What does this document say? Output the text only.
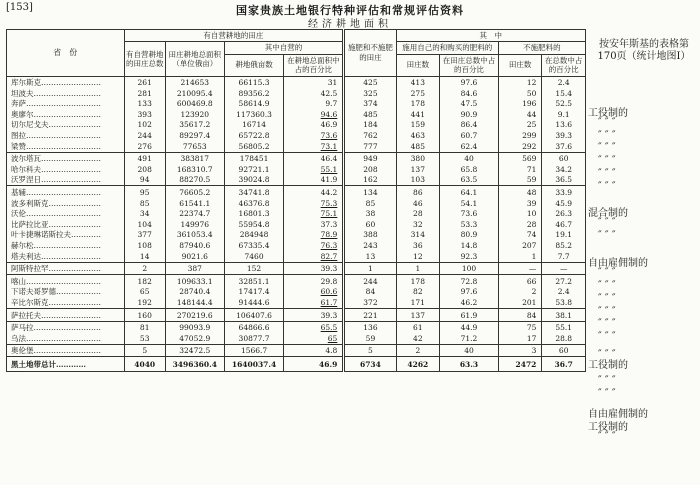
[153]	国家贵族土地银行特种评估和常规评估资料
经济耕地面积
省　份	有自营耕地的田庄				施肥和不施肥的田庄	其　中			
	有自营耕地的田庄总数	田庄耕地总面积（单位俄亩）	其中自营的			施用自己的和购买的肥料的		不施肥料的	
			耕地俄亩数	在耕地总面积中占的百分比		田庄数	在田庄总数中占的百分比	田庄数	在总数中占的百分比
库尔斯克……………………	261	214653	66115.3	31	425	413	97.6	12	2.4
坦波夫………………………	281	210095.4	89356.2	42.5	325	275	84.6	50	15.4
奔萨…………………………	133	600469.8	58614.9	9.7	374	178	47.5	196	52.5
奥廖尔………………………	393	123920	117360.3	94.6	485	441	90.9	44	9.1
切尔尼戈夫…………………	102	35617.2	16714	46.9	184	159	86.4	25	13.6
图拉…………………………	244	89297.4	65722.8	73.6	762	463	60.7	299	39.3
梁赞…………………………	276	77653	56805.2	73.1	777	485	62.4	292	37.6
波尔塔瓦……………………	491	383817	178451	46.4	949	380	40	569	60
哈尔科夫……………………	208	168310.7	92721.1	55.1	208	137	65.8	71	34.2
沃罗涅日……………………	94	88270.5	39024.8	41.9	162	103	63.5	59	36.5
基辅…………………………	95	76605.2	34741.8	44.2	134	86	64.1	48	33.9
波多利斯克…………………	85	61541.1	46376.8	75.3	85	46	54.1	39	45.9
沃伦…………………………	34	22374.7	16801.3	75.1	38	28	73.6	10	26.3
比萨拉比亚…………………	104	149976	55954.8	37.3	60	32	53.3	28	46.7
叶卡捷琳诺斯拉夫…………	377	361053.4	284948	78.9	388	314	80.9	74	19.1
赫尔松………………………	108	87940.6	67335.4	76.3	243	36	14.8	207	85.2
塔夫利达……………………	14	9021.6	7460	82.7	13	12	92.3	1	7.7
阿斯特拉罕…………………	2	387	152	39.3	1	1	100	—	—
喀山…………………………	182	109633.1	32851.1	29.8	244	178	72.8	66	27.2
下诺夫哥罗德………………	65	28740.4	17417.4	60.6	84	82	97.6	2	2.4
辛比尔斯克…………………	192	148144.4	91444.6	61.7	372	171	46.2	201	53.8
萨拉托夫……………………	160	270219.6	106407.6	39.3	221	137	61.9	84	38.1
萨马拉………………………	81	99093.9	64866.6	65.5	136	61	44.9	75	55.1
乌法…………………………	53	47052.9	30877.7	65	59	42	71.2	17	28.8
奥伦堡………………………	5	32472.5	1566.7	4.8	5	2	40	3	60
黑土地带总计…………	4040	3496360.4	1640037.4	46.9	6734	4262	63.3	2472	36.7
按安年斯基的表格第170页（统计地图I）
工役制的
″ ″ ″
″ ″ ″
″ ″ ″
″ ″ ″
″ ″ ″
″ ″ ″
混合制的
″ ″ ″
″ ″ ″
自由雇佣制的
″ ″ ″
″ ″ ″
″ ″ ″
″ ″ ″
″ ″ ″
″ ″ ″
″ ″ ″
工役制的
″ ″ ″
″ ″ ″
自由雇佣制的
工役制的
″ ″ ″
